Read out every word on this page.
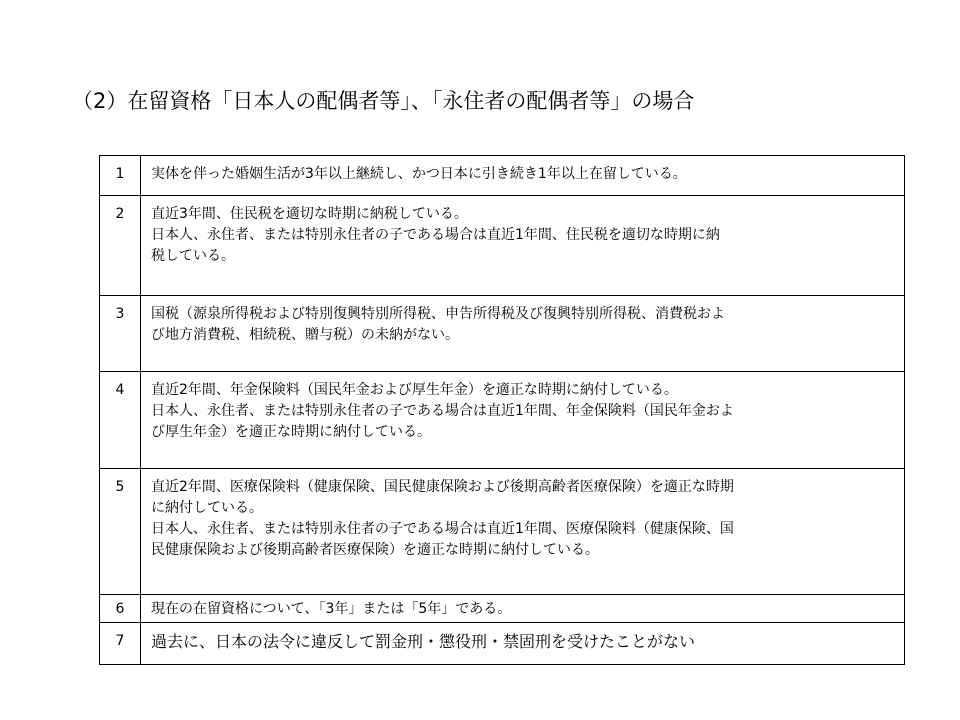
（2）在留資格「日本人の配偶者等」、「永住者の配偶者等」の場合
1	実体を伴った婚姻生活が3年以上継続し、かつ日本に引き続き1年以上在留している。

2	直近3年間、住民税を適切な時期に納税している。
日本人、永住者、または特別永住者の子である場合は直近1年間、住民税を適切な時期に納
税している。

3	国税（源泉所得税および特別復興特別所得税、申告所得税及び復興特別所得税、消費税およ
び地方消費税、相続税、贈与税）の未納がない。

4	直近2年間、年金保険料（国民年金および厚生年金）を適正な時期に納付している。
日本人、永住者、または特別永住者の子である場合は直近1年間、年金保険料（国民年金およ
び厚生年金）を適正な時期に納付している。

5	直近2年間、医療保険料（健康保険、国民健康保険および後期高齢者医療保険）を適正な時期
に納付している。
日本人、永住者、または特別永住者の子である場合は直近1年間、医療保険料（健康保険、国
民健康保険および後期高齢者医療保険）を適正な時期に納付している。

6	現在の在留資格について、「3年」または「5年」である。

7	過去に、日本の法令に違反して罰金刑・懲役刑・禁固刑を受けたことがない
